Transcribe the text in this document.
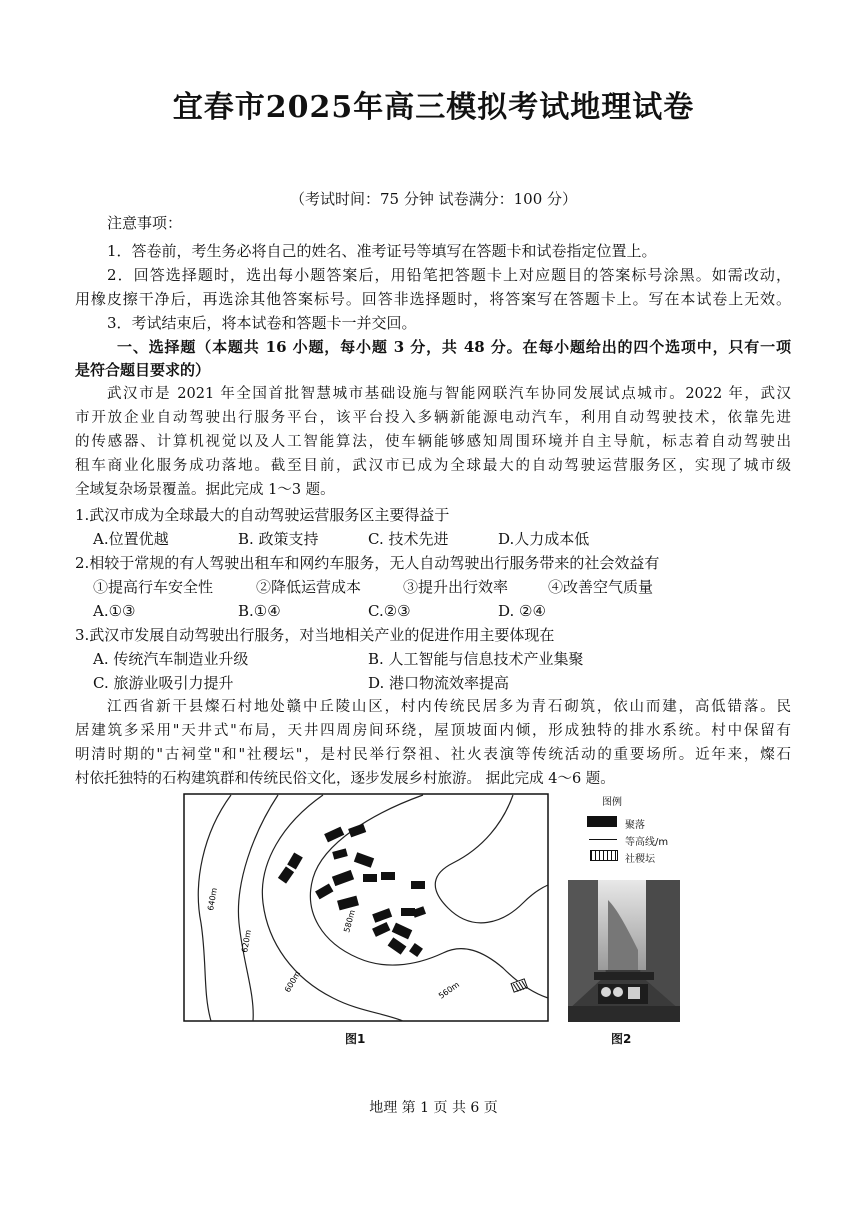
宜春市2025年高三模拟考试地理试卷
（考试时间：75 分钟 试卷满分：100 分）
注意事项：
1．答卷前，考生务必将自己的姓名、准考证号等填写在答题卡和试卷指定位置上。
2．回答选择题时，选出每小题答案后，用铅笔把答题卡上对应题目的答案标号涂黑。如需改动，
用橡皮擦干净后，再选涂其他答案标号。回答非选择题时，将答案写在答题卡上。写在本试卷上无效。
3．考试结束后，将本试卷和答题卡一并交回。
一、选择题（本题共 16 小题，每小题 3 分，共 48 分。在每小题给出的四个选项中，只有一项
是符合题目要求的）
武汉市是 2021 年全国首批智慧城市基础设施与智能网联汽车协同发展试点城市。2022 年，武汉
市开放企业自动驾驶出行服务平台，该平台投入多辆新能源电动汽车，利用自动驾驶技术，依靠先进
的传感器、计算机视觉以及人工智能算法，使车辆能够感知周围环境并自主导航，标志着自动驾驶出
租车商业化服务成功落地。截至目前，武汉市已成为全球最大的自动驾驶运营服务区，实现了城市级
全域复杂场景覆盖。据此完成 1～3 题。
1.武汉市成为全球最大的自动驾驶运营服务区主要得益于
A.位置优越	B. 政策支持	C. 技术先进	D.人力成本低
2.相较于常规的有人驾驶出租车和网约车服务，无人自动驾驶出行服务带来的社会效益有
①提高行车安全性	②降低运营成本	③提升出行效率	④改善空气质量
A.①③	B.①④	C.②③	D. ②④
3.武汉市发展自动驾驶出行服务，对当地相关产业的促进作用主要体现在
A. 传统汽车制造业升级	B. 人工智能与信息技术产业集聚
C. 旅游业吸引力提升	D. 港口物流效率提高
江西省新干县燦石村地处赣中丘陵山区，村内传统民居多为青石砌筑，依山而建，高低错落。民
居建筑多采用"天井式"布局，天井四周房间环绕，屋顶坡面内倾，形成独特的排水系统。村中保留有
明清时期的"古祠堂"和"社稷坛"，是村民举行祭祖、社火表演等传统活动的重要场所。近年来，燦石
村依托独特的石构建筑群和传统民俗文化，逐步发展乡村旅游。 据此完成 4～6 题。
640m
620m
600m
580m
560m
图1
图例
聚落
等高线/m
社稷坛
图2
地理 第 1 页 共 6 页
